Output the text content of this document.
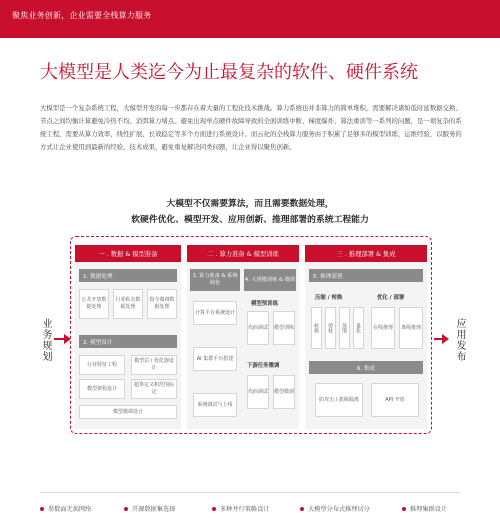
聚焦业务创新，企业需要全栈算力服务
大模型是人类迄今为止最复杂的软件、硬件系统
大模型是一个复杂系统工程，大模型开发的每一步都存在着大量的工程化技术挑战。算力系统也并非算力的简单堆积，需要解决诸如低时延数据交换、节点之间均衡计算避免冷热不均、消弭算力堵点。避免出现单点硬件故障导致的全面训练中断、梯度爆炸、算法重训等一系列的问题，是一项复杂的系统工程，需要从算力效率、线性扩展、长效稳定等多个方面进行系统设计。而云化的全栈算力服务由于积累了足够多的模型训练，运维经验，以服务的方式让企业使用到最新的经验，技术成果，避免重复解决同类问题，让企业得以聚焦创新。
大模型不仅需要算法，而且需要数据处理，
软硬件优化、模型开发、应用创新、推理部署的系统工程能力
业务规划	应用发布
一 . 数据 & 模型准备
1. 数据处理
公共开放数据处理
行业私有数据处理
指令微调数据处理
2. 模型设计
行业特征工程
模型层 / 优化器设计
模型架构设计
超参定义和范围标定
模型微调设计
二 . 算力准备 & 模型训练
3. 算力准备 & 系统调优
计算平台系统设计
AI 集群平台搭建
系统调试与上线
4. 大规模训练 & 微调
模型预训练
代码调试 模型训练
下游任务微调
代码调试 模型微调
三 . 推理部署 & 集成
5. 推理部署
压缩 / 转换
转换	剪枝	蒸馏	量化
优化 / 部署
在线推理	离线推理
6. 集成
防攻击 / 故障隔离	API 开放
参数面无损网络	开源数据集选择	多种并行策略设计	大模型分布式推理切分	推理集群设计
